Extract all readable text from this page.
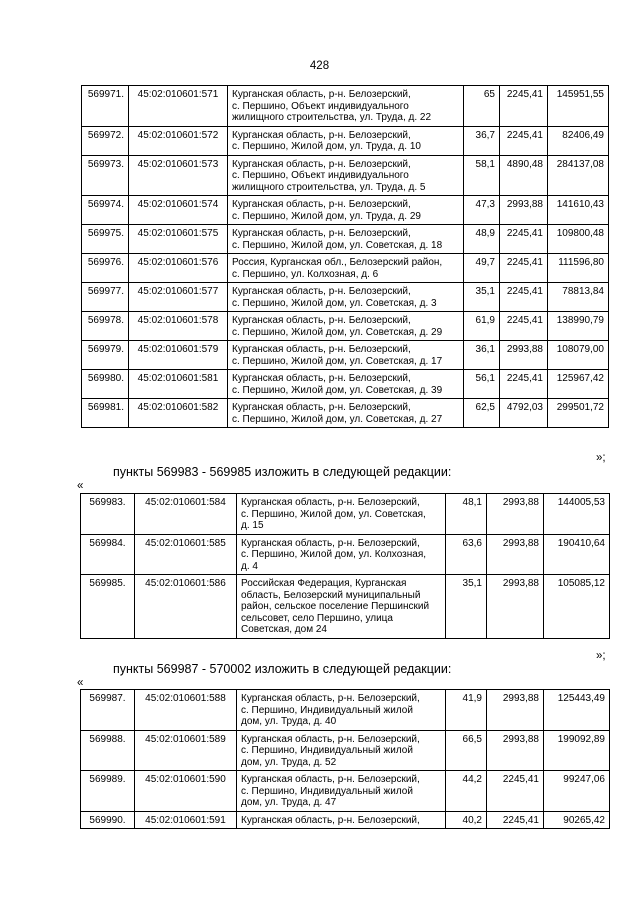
428
569971.	45:02:010601:571	Курганская область, р-н. Белозерский,
с. Першино, Объект индивидуального
жилищного строительства, ул. Труда, д. 22	65	2245,41	145951,55
569972.	45:02:010601:572	Курганская область, р-н. Белозерский,
с. Першино, Жилой дом, ул. Труда, д. 10	36,7	2245,41	82406,49
569973.	45:02:010601:573	Курганская область, р-н. Белозерский,
с. Першино, Объект индивидуального
жилищного строительства, ул. Труда, д. 5	58,1	4890,48	284137,08
569974.	45:02:010601:574	Курганская область, р-н. Белозерский,
с. Першино, Жилой дом, ул. Труда, д. 29	47,3	2993,88	141610,43
569975.	45:02:010601:575	Курганская область, р-н. Белозерский,
с. Першино, Жилой дом, ул. Советская, д. 18	48,9	2245,41	109800,48
569976.	45:02:010601:576	Россия, Курганская обл., Белозерский район,
с. Першино, ул. Колхозная, д. 6	49,7	2245,41	111596,80
569977.	45:02:010601:577	Курганская область, р-н. Белозерский,
с. Першино, Жилой дом, ул. Советская, д. 3	35,1	2245,41	78813,84
569978.	45:02:010601:578	Курганская область, р-н. Белозерский,
с. Першино, Жилой дом, ул. Советская, д. 29	61,9	2245,41	138990,79
569979.	45:02:010601:579	Курганская область, р-н. Белозерский,
с. Першино, Жилой дом, ул. Советская, д. 17	36,1	2993,88	108079,00
569980.	45:02:010601:581	Курганская область, р-н. Белозерский,
с. Першино, Жилой дом, ул. Советская, д. 39	56,1	2245,41	125967,42
569981.	45:02:010601:582	Курганская область, р-н. Белозерский,
с. Першино, Жилой дом, ул. Советская, д. 27	62,5	4792,03	299501,72
»;
пункты 569983 - 569985 изложить в следующей редакции:
«
569983.	45:02:010601:584	Курганская область, р-н. Белозерский,
с. Першино, Жилой дом, ул. Советская,
д. 15	48,1	2993,88	144005,53
569984.	45:02:010601:585	Курганская область, р-н. Белозерский,
с. Першино, Жилой дом, ул. Колхозная,
д. 4	63,6	2993,88	190410,64
569985.	45:02:010601:586	Российская Федерация, Курганская
область, Белозерский муниципальный
район, сельское поселение Першинский
сельсовет, село Першино, улица
Советская, дом 24	35,1	2993,88	105085,12
»;
пункты 569987 - 570002 изложить в следующей редакции:
«
569987.	45:02:010601:588	Курганская область, р-н. Белозерский,
с. Першино, Индивидуальный жилой
дом, ул. Труда, д. 40	41,9	2993,88	125443,49
569988.	45:02:010601:589	Курганская область, р-н. Белозерский,
с. Першино, Индивидуальный жилой
дом, ул. Труда, д. 52	66,5	2993,88	199092,89
569989.	45:02:010601:590	Курганская область, р-н. Белозерский,
с. Першино, Индивидуальный жилой
дом, ул. Труда, д. 47	44,2	2245,41	99247,06
569990.	45:02:010601:591	Курганская область, р-н. Белозерский,	40,2	2245,41	90265,42
